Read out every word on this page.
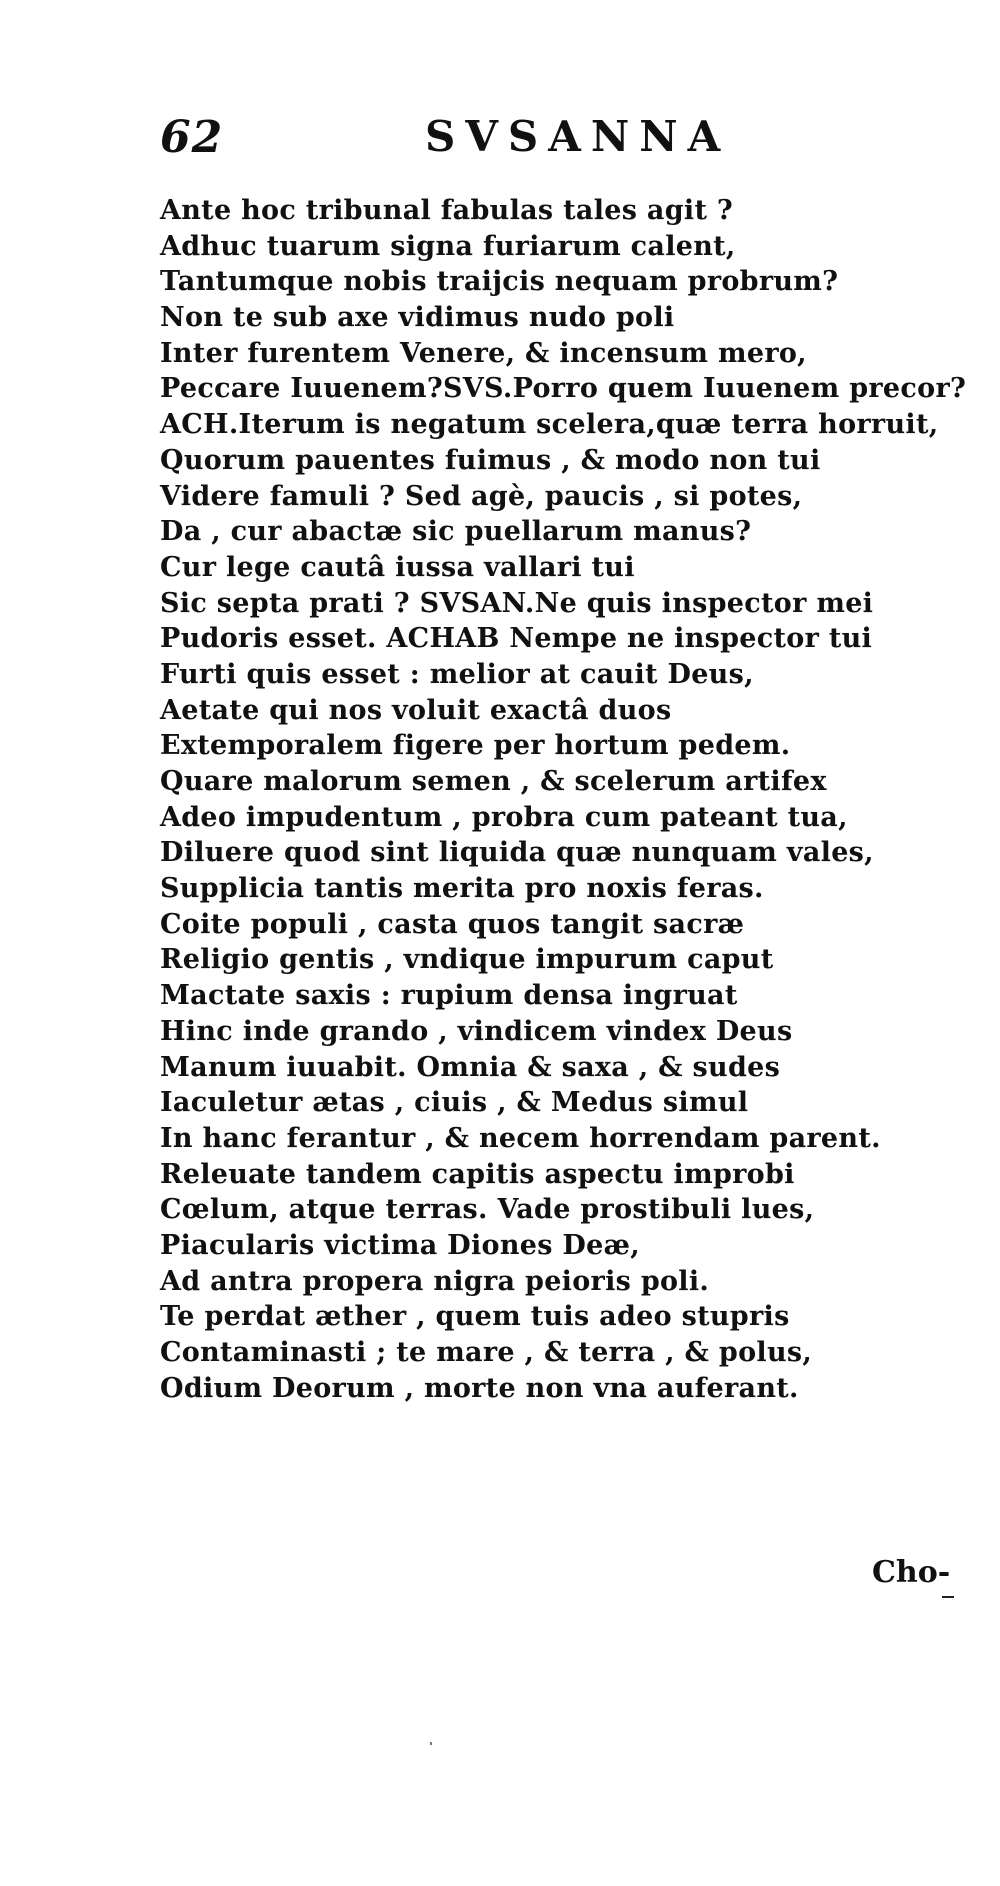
62	SVSANNA
Ante hoc tribunal fabulas tales agit ?
Adhuc tuarum signa furiarum calent,
Tantumque nobis traijcis nequam probrum?
Non te sub axe vidimus nudo poli
Inter furentem Venere, & incensum mero,
Peccare Iuuenem?SVS.Porro quem Iuuenem precor?
ACH.Iterum is negatum scelera,quæ terra horruit,
Quorum pauentes fuimus , & modo non tui
Videre famuli ? Sed agè, paucis , si potes,
Da , cur abactæ sic puellarum manus?
Cur lege cautâ iussa vallari tui
Sic septa prati ? SVSAN.Ne quis inspector mei
Pudoris esset. ACHAB Nempe ne inspector tui
Furti quis esset : melior at cauit Deus,
Aetate qui nos voluit exactâ duos
Extemporalem figere per hortum pedem.
Quare malorum semen , & scelerum artifex
Adeo impudentum , probra cum pateant tua,
Diluere quod sint liquida quæ nunquam vales,
Supplicia tantis merita pro noxis feras.
Coite populi , casta quos tangit sacræ
Religio gentis , vndique impurum caput
Mactate saxis : rupium densa ingruat
Hinc inde grando , vindicem vindex Deus
Manum iuuabit. Omnia & saxa , & sudes
Iaculetur ætas , ciuis , & Medus simul
In hanc ferantur , & necem horrendam parent.
Releuate tandem capitis aspectu improbi
Cœlum, atque terras. Vade prostibuli lues,
Piacularis victima Diones Deæ,
Ad antra propera nigra peioris poli.
Te perdat æther , quem tuis adeo stupris
Contaminasti ; te mare , & terra , & polus,
Odium Deorum , morte non vna auferant.
Cho-
